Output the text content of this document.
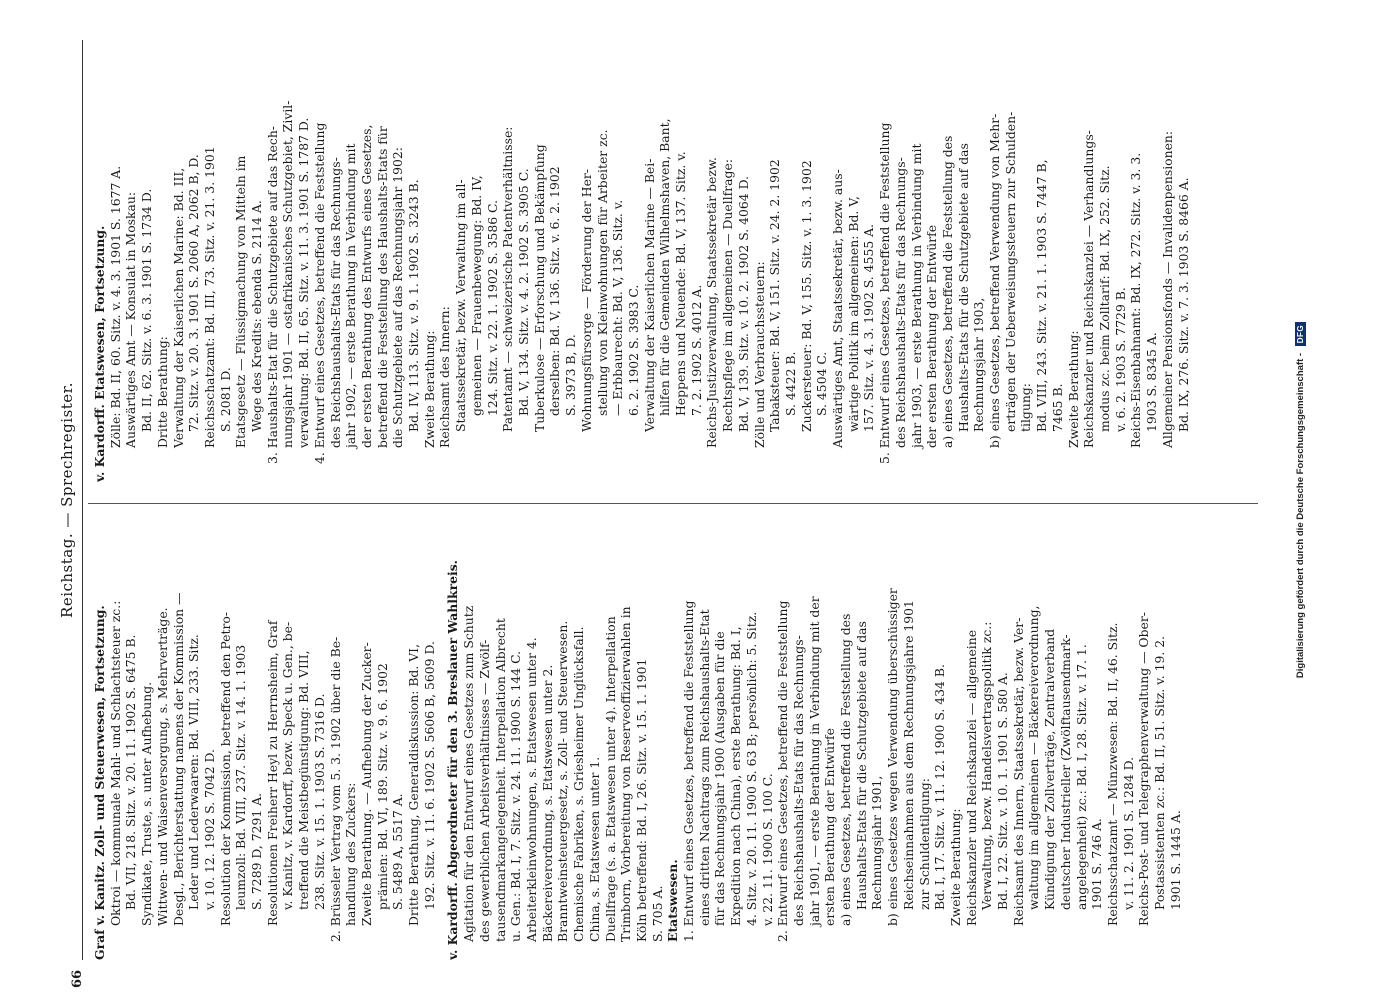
66
Reichstag. — Sprechregister.
Graf v. Kanitz. Zoll- und Steuerwesen, Fortsetzung. Oktroi — kommunale Mahl- und Schlachtsteuer zc.: Bd. VII, 218. Sitz. v. 20. 11. 1902 S. 6475 B. Syndikate, Truste, s. unter Aufhebung. Wittwen- und Waisenversorgung, s. Mehrverträge. Desgl., Berichterstattung namens der Kommission — Leder und Lederwaaren: Bd. VIII, 233. Sitz. v. 10. 12. 1902 S. 7042 D. Resolution der Kommission, betreffend den Petro- leumzoll: Bd. VIII, 237. Sitz. v. 14. 1. 1903 S. 7289 D, 7291 A. Resolutionen Freiherr Heyl zu Herrnsheim, Graf v. Kanitz, v. Kardorff, bezw. Speck u. Gen., be- treffend die Meistbegünstigung: Bd. VIII, 238. Sitz. v. 15. 1. 1903 S. 7316 D. 2. Brüsseler Vertrag vom 5. 3. 1902 über die Be- handlung des Zuckers: Zweite Berathung. — Aufhebung der Zucker- prämien: Bd. VI, 189. Sitz. v. 9. 6. 1902 S. 5489 A, 5517 A. Dritte Berathung, Generaldiskussion: Bd. VI, 192. Sitz. v. 11. 6. 1902 S. 5606 B, 5609 D. v. Kardorff. Abgeordneter für den 3. Breslauer Wahlkreis. Agitation für den Entwurf eines Gesetzes zum Schutz des gewerblichen Arbeitsverhältnisses — Zwölf- tausendmarkangelegenheit. Interpellation Albrecht u. Gen.: Bd. I, 7. Sitz. v. 24. 11. 1900 S. 144 C. Arbeiterkleinwohnungen, s. Etatswesen unter 4. Bäckereiverordnung, s. Etatswesen unter 2. Branntweinsteuergesetz, s. Zoll- und Steuerwesen. Chemische Fabriken, s. Griesheimer Unglücksfall. China, s. Etatswesen unter 1. Duellfrage (s. a. Etatswesen unter 4). Interpellation Trimborn, Vorbereitung von Reserveoffizierwahlen in Köln betreffend: Bd. I, 26. Sitz. v. 15. 1. 1901 S. 705 A. Etatswesen. 1. Entwurf eines Gesetzes, betreffend die Feststellung eines dritten Nachtrags zum Reichshaushalts-Etat für das Rechnungsjahr 1900 (Ausgaben für die Expedition nach China), erste Berathung: Bd. I, 4. Sitz. v. 20. 11. 1900 S. 63 B; persönlich: 5. Sitz. v. 22. 11. 1900 S. 100 C. 2. Entwurf eines Gesetzes, betreffend die Feststellung des Reichshaushalts-Etats für das Rechnungs- jahr 1901, — erste Berathung in Verbindung mit der ersten Berathung der Entwürfe a) eines Gesetzes, betreffend die Feststellung des Haushalts-Etats für die Schutzgebiete auf das Rechnungsjahr 1901, b) eines Gesetzes wegen Verwendung überschüssiger Reichseinnahmen aus dem Rechnungsjahre 1901 zur Schuldentilgung: Bd. I, 17. Sitz. v. 11. 12. 1900 S. 434 B. Zweite Berathung: Reichskanzler und Reichskanzlei — allgemeine Verwaltung, bezw. Handelsvertragspolitik zc.: Bd. I, 22. Sitz. v. 10. 1. 1901 S. 580 A. Reichsamt des Innern, Staatssekretär, bezw. Ver- waltung im allgemeinen — Bäckereiverordnung, Kündigung der Zollverträge, Zentralverband deutscher Industrieller (Zwölftausendmark- angelegenheit) zc.: Bd. I, 28. Sitz. v. 17. 1. 1901 S. 746 A. Reichsschatzamt — Münzwesen: Bd. II, 46. Sitz. v. 11. 2. 1901 S. 1284 D. Reichs-Post- und Telegraphenverwaltung — Ober- Postassistenten zc.: Bd. II, 51. Sitz. v. 19. 2. 1901 S. 1445 A.
v. Kardorff. Etatswesen, Fortsetzung. Zölle: Bd. II, 60. Sitz. v. 4. 3. 1901 S. 1677 A. Auswärtiges Amt — Konsulat in Moskau: Bd. II, 62. Sitz. v. 6. 3. 1901 S. 1734 D. Dritte Berathung: Verwaltung der Kaiserlichen Marine: Bd. III, 72. Sitz. v. 20. 3. 1901 S. 2060 A, 2062 B, D. Reichsschatzamt: Bd. III, 73. Sitz. v. 21. 3. 1901 S. 2081 D. Etatsgesetz — Flüssigmachung von Mitteln im Wege des Kredits: ebenda S. 2114 A. 3. Haushalts-Etat für die Schutzgebiete auf das Rech- nungsjahr 1901 — ostafrikanisches Schutzgebiet, Zivil- verwaltung: Bd. II, 65. Sitz. v. 11. 3. 1901 S. 1787 D. 4. Entwurf eines Gesetzes, betreffend die Feststellung des Reichshaushalts-Etats für das Rechnungs- jahr 1902, — erste Berathung in Verbindung mit der ersten Berathung des Entwurfs eines Gesetzes, betreffend die Feststellung des Haushalts-Etats für die Schutzgebiete auf das Rechnungsjahr 1902: Bd. IV, 113. Sitz. v. 9. 1. 1902 S. 3243 B. Zweite Berathung: Reichsamt des Innern: Staatssekretär, bezw. Verwaltung im all- gemeinen — Frauenbewegung: Bd. IV, 124. Sitz. v. 22. 1. 1902 S. 3586 C. Patentamt — schweizerische Patentverhältnisse: Bd. V, 134. Sitz. v. 4. 2. 1902 S. 3905 C. Tuberkulose — Erforschung und Bekämpfung derselben: Bd. V, 136. Sitz. v. 6. 2. 1902 S. 3973 B, D. Wohnungsfürsorge — Förderung der Her- stellung von Kleinwohnungen für Arbeiter zc. — Erbbaurecht: Bd. V, 136. Sitz. v. 6. 2. 1902 S. 3983 C. Verwaltung der Kaiserlichen Marine — Bei- hilfen für die Gemeinden Wilhelmshaven, Bant, Heppens und Neuende: Bd. V, 137. Sitz. v. 7. 2. 1902 S. 4012 A. Reichs-Justizverwaltung, Staatssekretär bezw. Rechtspflege im allgemeinen — Duellfrage: Bd. V, 139. Sitz. v. 10. 2. 1902 S. 4064 D. Zölle und Verbrauchssteuern: Tabaksteuer: Bd. V, 151. Sitz. v. 24. 2. 1902 S. 4422 B. Zuckersteuer: Bd. V, 155. Sitz. v. 1. 3. 1902 S. 4504 C. Auswärtiges Amt, Staatssekretär, bezw. aus- wärtige Politik im allgemeinen: Bd. V, 157. Sitz. v. 4. 3. 1902 S. 4555 A. 5. Entwurf eines Gesetzes, betreffend die Feststellung des Reichshaushalts-Etats für das Rechnungs- jahr 1903, — erste Berathung in Verbindung mit der ersten Berathung der Entwürfe a) eines Gesetzes, betreffend die Feststellung des Haushalts-Etats für die Schutzgebiete auf das Rechnungsjahr 1903, b) eines Gesetzes, betreffend Verwendung von Mehr- erträgen der Ueberweisungssteuern zur Schulden- tilgung: Bd. VIII, 243. Sitz. v. 21. 1. 1903 S. 7447 B, 7465 B. Zweite Berathung: Reichskanzler und Reichskanzlei — Verhandlungs- modus zc. beim Zolltarif: Bd. IX, 252. Sitz. v. 6. 2. 1903 S. 7729 B. Reichs-Eisenbahnamt: Bd. IX, 272. Sitz. v. 3. 3. 1903 S. 8345 A. Allgemeiner Pensionsfonds — Invalidenpensionen: Bd. IX, 276. Sitz. v. 7. 3. 1903 S. 8466 A.
Digitalisierung gefördert durch die Deutsche Forschungsgemeinschaft - DFG
